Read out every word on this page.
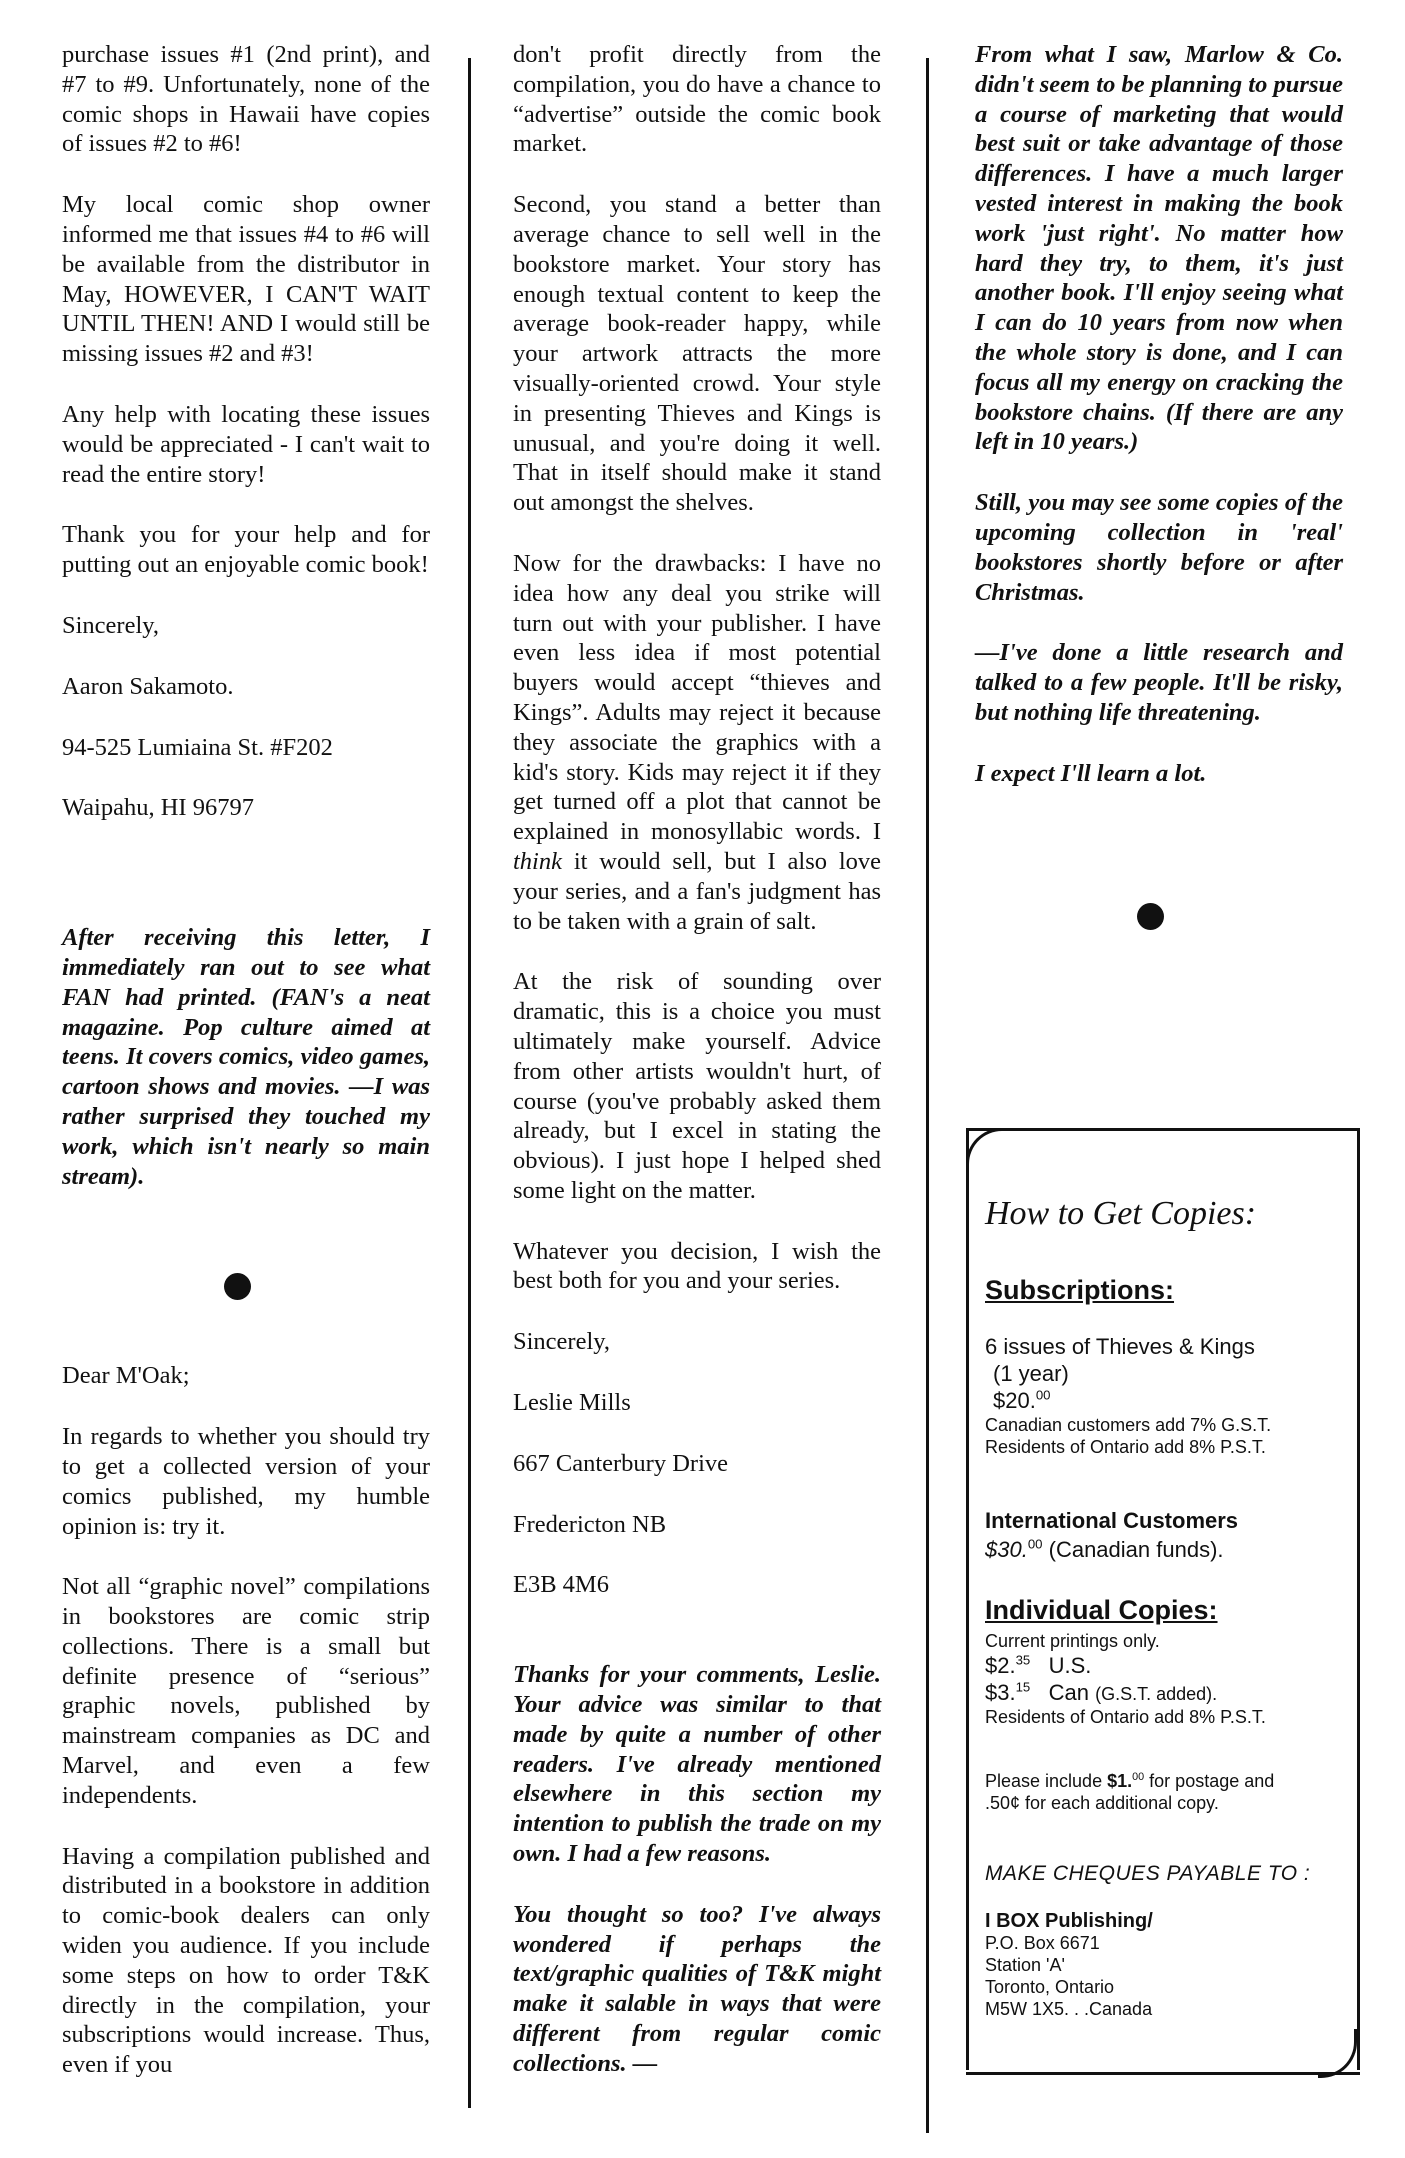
purchase issues #1 (2nd print), and #7 to #9. Unfortunately, none of the comic shops in Hawaii have copies of issues #2 to #6!

My local comic shop owner informed me that issues #4 to #6 will be available from the distributor in May, HOWEVER, I CAN'T WAIT UNTIL THEN! AND I would still be missing issues #2 and #3!

Any help with locating these issues would be appreciated - I can't wait to read the entire story!

Thank you for your help and for putting out an enjoyable comic book!

Sincerely,

Aaron Sakamoto.

94-525 Lumiaina St. #F202

Waipahu, HI 96797

After receiving this letter, I immediately ran out to see what FAN had printed. (FAN's a neat magazine. Pop culture aimed at teens. It covers comics, video games, cartoon shows and movies. —I was rather surprised they touched my work, which isn't nearly so main stream).

Dear M'Oak;

In regards to whether you should try to get a collected version of your comics published, my humble opinion is: try it.

Not all “graphic novel” compilations in bookstores are comic strip collections. There is a small but definite presence of “serious” graphic novels, published by mainstream companies as DC and Marvel, and even a few independents.

Having a compilation published and distributed in a bookstore in addition to comic-book dealers can only widen you audience. If you include some steps on how to order T&K directly in the compilation, your subscriptions would increase. Thus, even if you

don't profit directly from the compilation, you do have a chance to “advertise” outside the comic book market.

Second, you stand a better than average chance to sell well in the bookstore market. Your story has enough textual content to keep the average book-reader happy, while your artwork attracts the more visually-oriented crowd. Your style in presenting Thieves and Kings is unusual, and you're doing it well. That in itself should make it stand out amongst the shelves.

Now for the drawbacks: I have no idea how any deal you strike will turn out with your publisher. I have even less idea if most potential buyers would accept “thieves and Kings”. Adults may reject it because they associate the graphics with a kid's story. Kids may reject it if they get turned off a plot that cannot be explained in monosyllabic words. I think it would sell, but I also love your series, and a fan's judgment has to be taken with a grain of salt.

At the risk of sounding over dramatic, this is a choice you must ultimately make yourself. Advice from other artists wouldn't hurt, of course (you've probably asked them already, but I excel in stating the obvious). I just hope I helped shed some light on the matter.

Whatever you decision, I wish the best both for you and your series.

Sincerely,

Leslie Mills

667 Canterbury Drive

Fredericton NB

E3B 4M6

Thanks for your comments, Leslie. Your advice was similar to that made by quite a number of other readers. I've already mentioned elsewhere in this section my intention to publish the trade on my own. I had a few reasons.

You thought so too? I've always wondered if perhaps the text/graphic qualities of T&K might make it salable in ways that were different from regular comic collections. —

From what I saw, Marlow & Co. didn't seem to be planning to pursue a course of marketing that would best suit or take advantage of those differences. I have a much larger vested interest in making the book work 'just right'. No matter how hard they try, to them, it's just another book. I'll enjoy seeing what I can do 10 years from now when the whole story is done, and I can focus all my energy on cracking the bookstore chains. (If there are any left in 10 years.)

Still, you may see some copies of the upcoming collection in 'real' bookstores shortly before or after Christmas.

—I've done a little research and talked to a few people. It'll be risky, but nothing life threatening.

I expect I'll learn a lot.

How to Get Copies:
Subscriptions:
6 issues of Thieves & Kings
(1 year)
$20.00
Canadian customers add 7% G.S.T.
Residents of Ontario add 8% P.S.T.
International Customers
$30.00 (Canadian funds).
Individual Copies:
Current printings only.
$2.35 U.S.
$3.15 Can (G.S.T. added).
Residents of Ontario add 8% P.S.T.
Please include $1.00 for postage and
.50¢ for each additional copy.
MAKE CHEQUES PAYABLE TO :
I BOX Publishing/
P.O. Box 6671
Station 'A'
Toronto, Ontario
M5W 1X5. . .Canada
